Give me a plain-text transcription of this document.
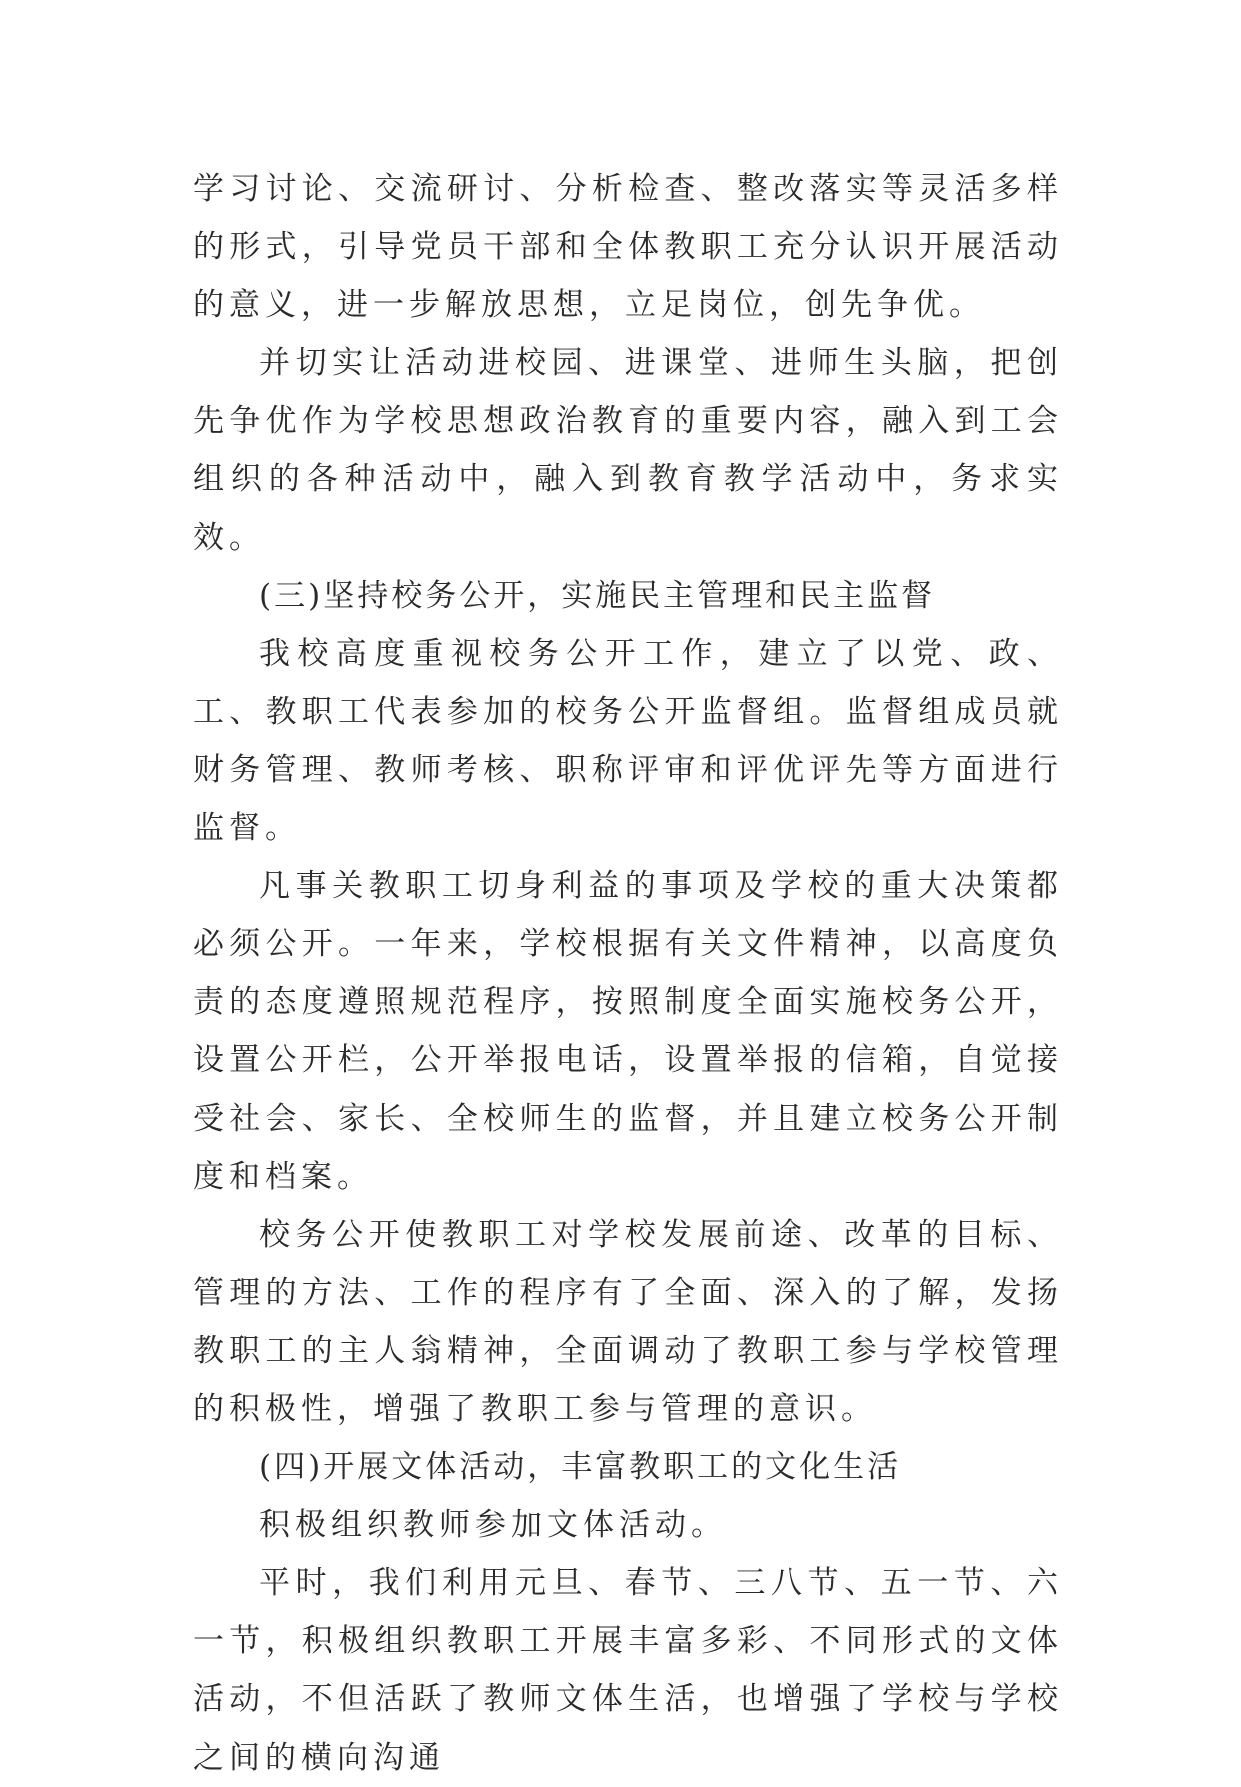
学习讨论、交流研讨、分析检查、整改落实等灵活多样的形式，引导党员干部和全体教职工充分认识开展活动的意义，进一步解放思想，立足岗位，创先争优。

并切实让活动进校园、进课堂、进师生头脑，把创先争优作为学校思想政治教育的重要内容，融入到工会组织的各种活动中，融入到教育教学活动中，务求实效。

(三)坚持校务公开，实施民主管理和民主监督

我校高度重视校务公开工作，建立了以党、政、工、教职工代表参加的校务公开监督组。监督组成员就财务管理、教师考核、职称评审和评优评先等方面进行监督。

凡事关教职工切身利益的事项及学校的重大决策都必须公开。一年来，学校根据有关文件精神，以高度负责的态度遵照规范程序，按照制度全面实施校务公开，设置公开栏，公开举报电话，设置举报的信箱，自觉接受社会、家长、全校师生的监督，并且建立校务公开制度和档案。

校务公开使教职工对学校发展前途、改革的目标、管理的方法、工作的程序有了全面、深入的了解，发扬教职工的主人翁精神，全面调动了教职工参与学校管理的积极性，增强了教职工参与管理的意识。

(四)开展文体活动，丰富教职工的文化生活

积极组织教师参加文体活动。

平时，我们利用元旦、春节、三八节、五一节、六一节，积极组织教职工开展丰富多彩、不同形式的文体活动，不但活跃了教师文体生活，也增强了学校与学校之间的横向沟通
